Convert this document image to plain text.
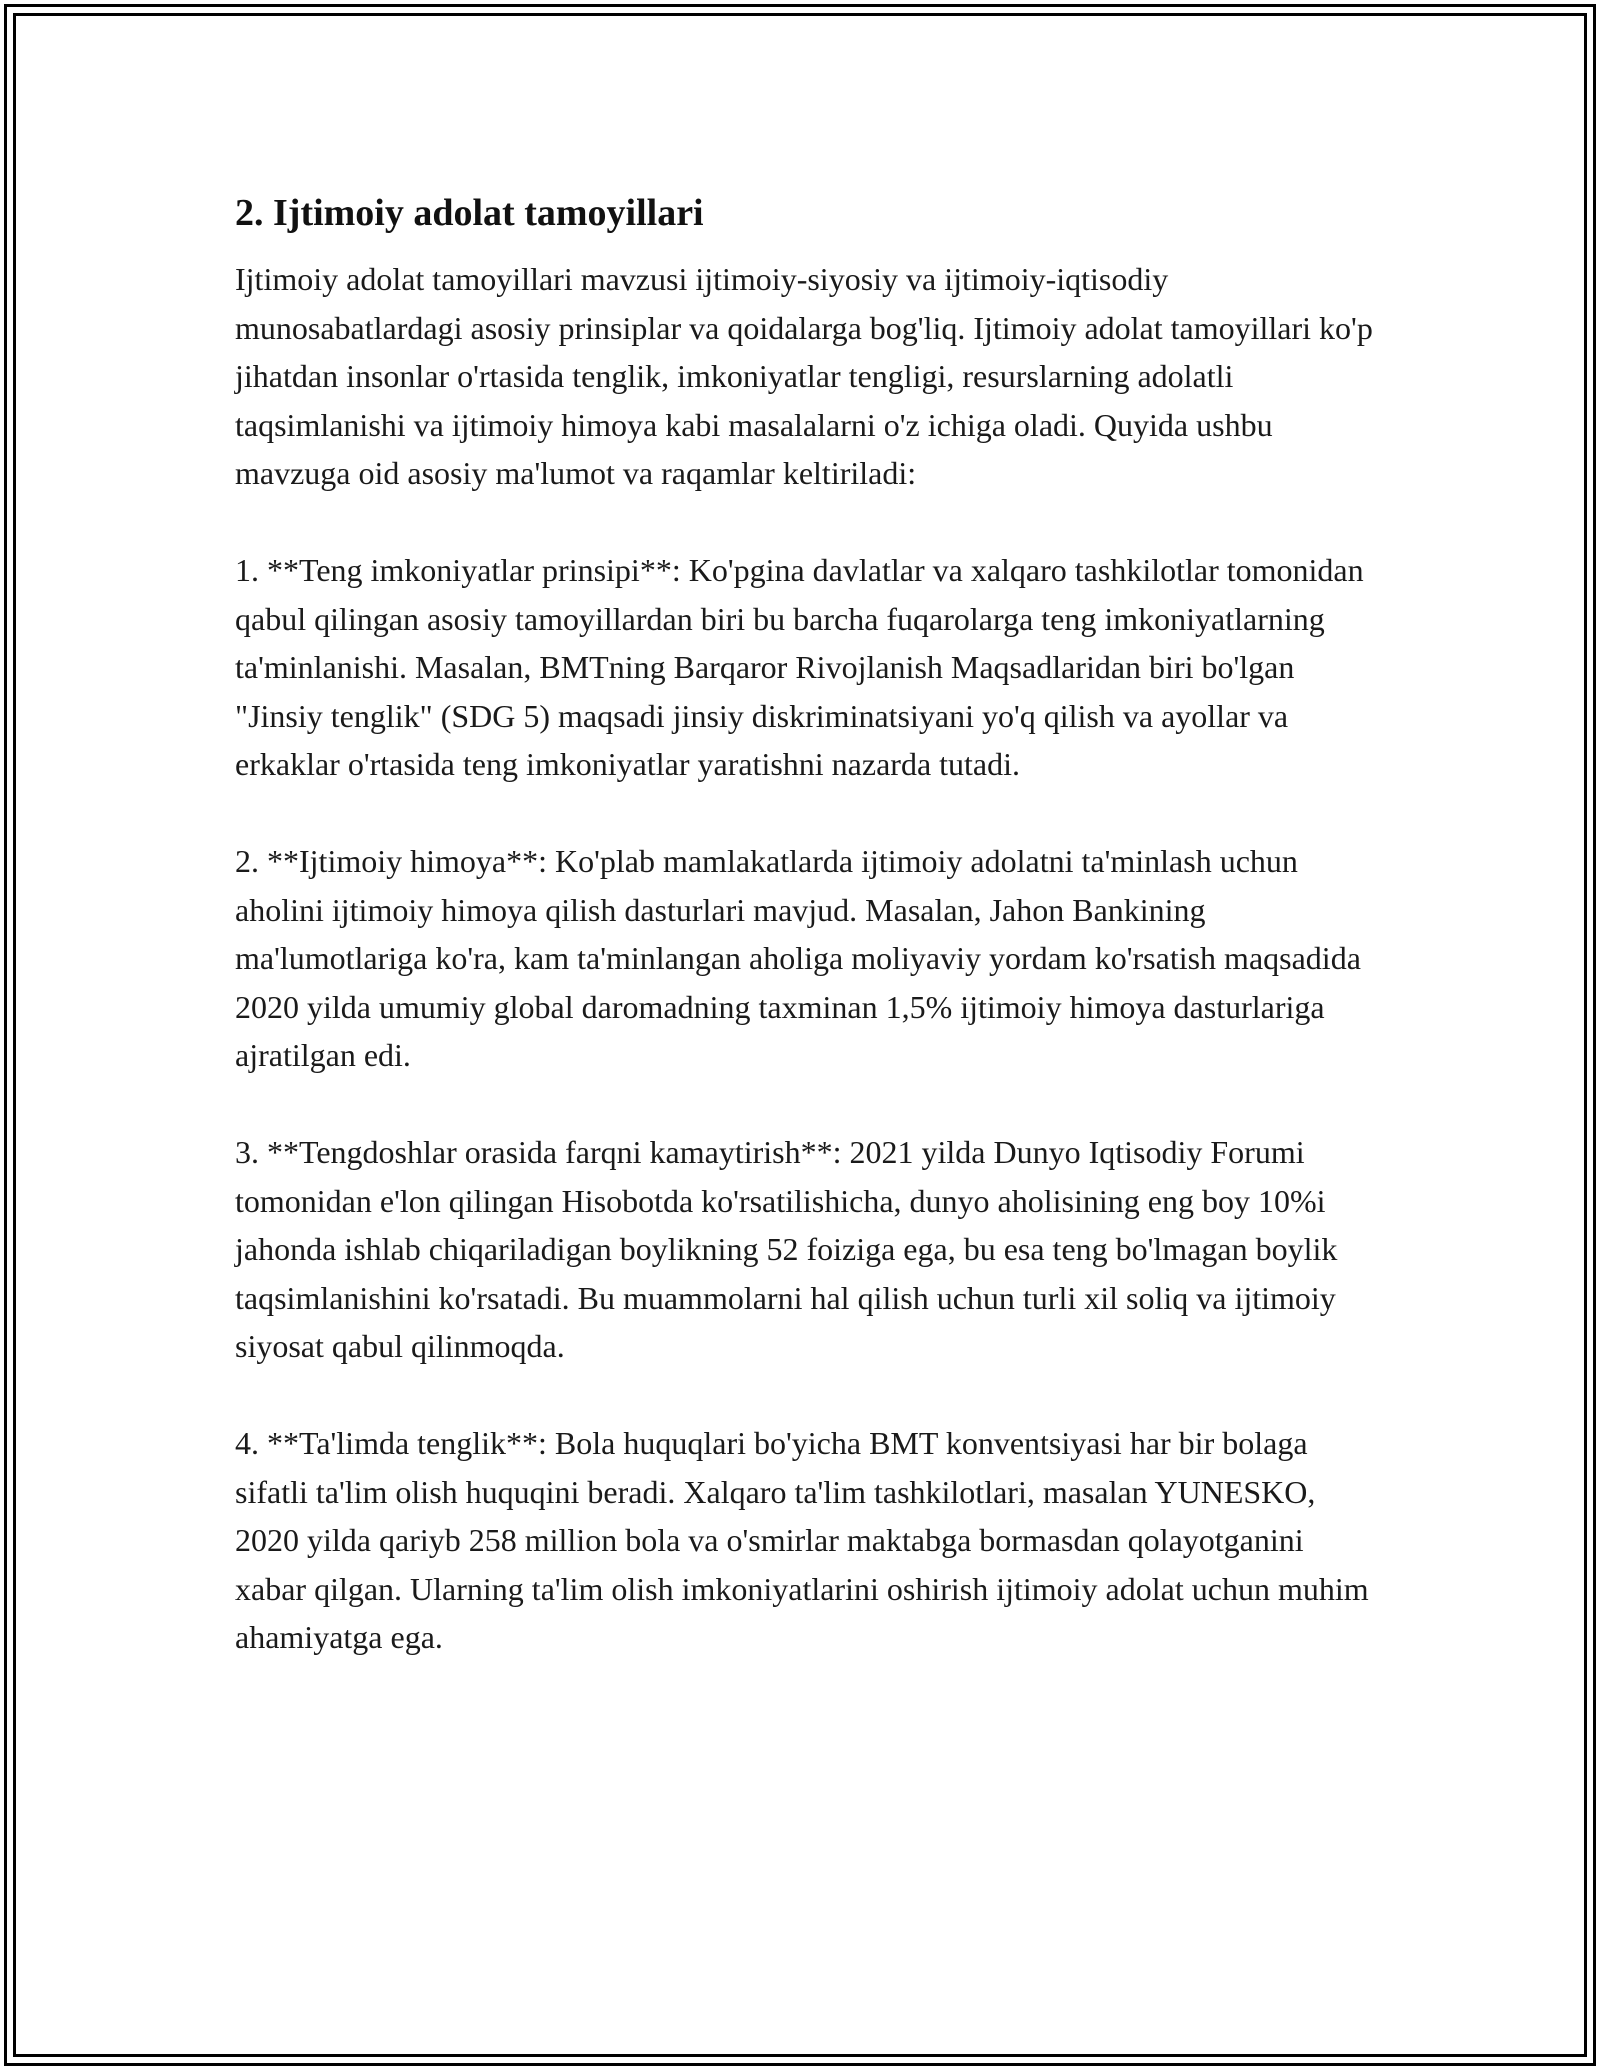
2. Ijtimoiy adolat tamoyillari

Ijtimoiy adolat tamoyillari mavzusi ijtimoiy-siyosiy va ijtimoiy-iqtisodiy munosabatlardagi asosiy prinsiplar va qoidalarga bog'liq. Ijtimoiy adolat tamoyillari ko'p jihatdan insonlar o'rtasida tenglik, imkoniyatlar tengligi, resurslarning adolatli taqsimlanishi va ijtimoiy himoya kabi masalalarni o'z ichiga oladi. Quyida ushbu mavzuga oid asosiy ma'lumot va raqamlar keltiriladi:

1. **Teng imkoniyatlar prinsipi**: Ko'pgina davlatlar va xalqaro tashkilotlar tomonidan qabul qilingan asosiy tamoyillardan biri bu barcha fuqarolarga teng imkoniyatlarning ta'minlanishi. Masalan, BMTning Barqaror Rivojlanish Maqsadlaridan biri bo'lgan "Jinsiy tenglik" (SDG 5) maqsadi jinsiy diskriminatsiyani yo'q qilish va ayollar va erkaklar o'rtasida teng imkoniyatlar yaratishni nazarda tutadi.

2. **Ijtimoiy himoya**: Ko'plab mamlakatlarda ijtimoiy adolatni ta'minlash uchun aholini ijtimoiy himoya qilish dasturlari mavjud. Masalan, Jahon Bankining ma'lumotlariga ko'ra, kam ta'minlangan aholiga moliyaviy yordam ko'rsatish maqsadida 2020 yilda umumiy global daromadning taxminan 1,5% ijtimoiy himoya dasturlariga ajratilgan edi.

3. **Tengdoshlar orasida farqni kamaytirish**: 2021 yilda Dunyo Iqtisodiy Forumi tomonidan e'lon qilingan Hisobotda ko'rsatilishicha, dunyo aholisining eng boy 10%i jahonda ishlab chiqariladigan boylikning 52 foiziga ega, bu esa teng bo'lmagan boylik taqsimlanishini ko'rsatadi. Bu muammolarni hal qilish uchun turli xil soliq va ijtimoiy siyosat qabul qilinmoqda.

4. **Ta'limda tenglik**: Bola huquqlari bo'yicha BMT konventsiyasi har bir bolaga sifatli ta'lim olish huquqini beradi. Xalqaro ta'lim tashkilotlari, masalan YUNESKO, 2020 yilda qariyb 258 million bola va o'smirlar maktabga bormasdan qolayotganini xabar qilgan. Ularning ta'lim olish imkoniyatlarini oshirish ijtimoiy adolat uchun muhim ahamiyatga ega.
